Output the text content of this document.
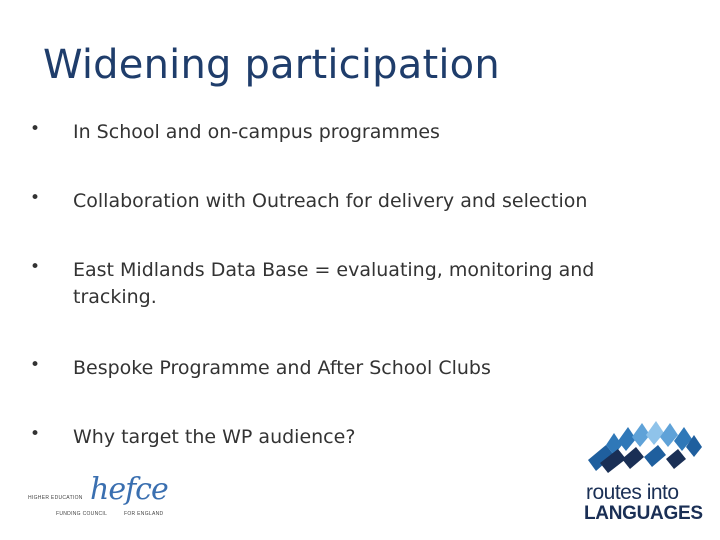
Widening participation
•	In School and on-campus programmes
•	Collaboration with Outreach for delivery and selection
•	East Midlands Data Base = evaluating, monitoring and tracking.
•	Bespoke Programme and After School Clubs
•	Why target the WP audience?
HIGHER EDUCATION hefce
FUNDING COUNCIL	FOR ENGLAND
routes into
LANGUAGES
